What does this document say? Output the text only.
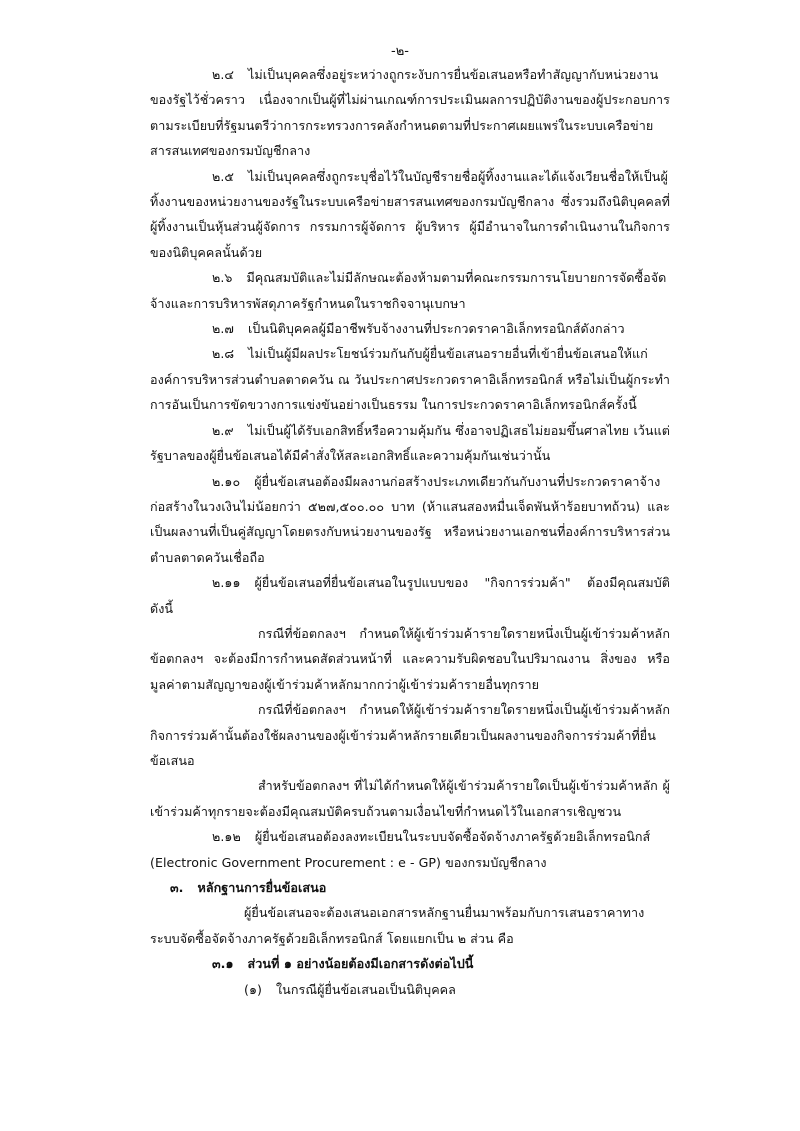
-๒-

๒.๔ ไม่เป็นบุคคลซึ่งอยู่ระหว่างถูกระงับการยื่นข้อเสนอหรือทำสัญญากับหน่วยงานของรัฐไว้ชั่วคราว เนื่องจากเป็นผู้ที่ไม่ผ่านเกณฑ์การประเมินผลการปฏิบัติงานของผู้ประกอบการตามระเบียบที่รัฐมนตรีว่าการกระทรวงการคลังกำหนดตามที่ประกาศเผยแพร่ในระบบเครือข่ายสารสนเทศของกรมบัญชีกลาง

๒.๕ ไม่เป็นบุคคลซึ่งถูกระบุชื่อไว้ในบัญชีรายชื่อผู้ทิ้งงานและได้แจ้งเวียนชื่อให้เป็นผู้ทิ้งงานของหน่วยงานของรัฐในระบบเครือข่ายสารสนเทศของกรมบัญชีกลาง ซึ่งรวมถึงนิติบุคคลที่ผู้ทิ้งงานเป็นหุ้นส่วนผู้จัดการ กรรมการผู้จัดการ ผู้บริหาร ผู้มีอำนาจในการดำเนินงานในกิจการของนิติบุคคลนั้นด้วย

๒.๖ มีคุณสมบัติและไม่มีลักษณะต้องห้ามตามที่คณะกรรมการนโยบายการจัดซื้อจัดจ้างและการบริหารพัสดุภาครัฐกำหนดในราชกิจจานุเบกษา

๒.๗ เป็นนิติบุคคลผู้มีอาชีพรับจ้างงานที่ประกวดราคาอิเล็กทรอนิกส์ดังกล่าว

๒.๘ ไม่เป็นผู้มีผลประโยชน์ร่วมกันกับผู้ยื่นข้อเสนอรายอื่นที่เข้ายื่นข้อเสนอให้แก่ องค์การบริหารส่วนตำบลตาดควัน ณ วันประกาศประกวดราคาอิเล็กทรอนิกส์ หรือไม่เป็นผู้กระทำการอันเป็นการขัดขวางการแข่งขันอย่างเป็นธรรม ในการประกวดราคาอิเล็กทรอนิกส์ครั้งนี้

๒.๙ ไม่เป็นผู้ได้รับเอกสิทธิ์หรือความคุ้มกัน ซึ่งอาจปฏิเสธไม่ยอมขึ้นศาลไทย เว้นแต่รัฐบาลของผู้ยื่นข้อเสนอได้มีคำสั่งให้สละเอกสิทธิ์และความคุ้มกันเช่นว่านั้น

๒.๑๐ ผู้ยื่นข้อเสนอต้องมีผลงานก่อสร้างประเภทเดียวกันกับงานที่ประกวดราคาจ้างก่อสร้างในวงเงินไม่น้อยกว่า ๕๒๗,๕๐๐.๐๐ บาท (ห้าแสนสองหมื่นเจ็ดพันห้าร้อยบาทถ้วน) และเป็นผลงานที่เป็นคู่สัญญาโดยตรงกับหน่วยงานของรัฐ หรือหน่วยงานเอกชนที่องค์การบริหารส่วนตำบลตาดควันเชื่อถือ

๒.๑๑ ผู้ยื่นข้อเสนอที่ยื่นข้อเสนอในรูปแบบของ "กิจการร่วมค้า" ต้องมีคุณสมบัติ ดังนี้

กรณีที่ข้อตกลงฯ กำหนดให้ผู้เข้าร่วมค้ารายใดรายหนึ่งเป็นผู้เข้าร่วมค้าหลัก ข้อตกลงฯ จะต้องมีการกำหนดสัดส่วนหน้าที่ และความรับผิดชอบในปริมาณงาน สิ่งของ หรือมูลค่าตามสัญญาของผู้เข้าร่วมค้าหลักมากกว่าผู้เข้าร่วมค้ารายอื่นทุกราย

กรณีที่ข้อตกลงฯ กำหนดให้ผู้เข้าร่วมค้ารายใดรายหนึ่งเป็นผู้เข้าร่วมค้าหลัก กิจการร่วมค้านั้นต้องใช้ผลงานของผู้เข้าร่วมค้าหลักรายเดียวเป็นผลงานของกิจการร่วมค้าที่ยื่นข้อเสนอ

สำหรับข้อตกลงฯ ที่ไม่ได้กำหนดให้ผู้เข้าร่วมค้ารายใดเป็นผู้เข้าร่วมค้าหลัก ผู้เข้าร่วมค้าทุกรายจะต้องมีคุณสมบัติครบถ้วนตามเงื่อนไขที่กำหนดไว้ในเอกสารเชิญชวน

๒.๑๒ ผู้ยื่นข้อเสนอต้องลงทะเบียนในระบบจัดซื้อจัดจ้างภาครัฐด้วยอิเล็กทรอนิกส์ (Electronic Government Procurement : e - GP) ของกรมบัญชีกลาง

๓. หลักฐานการยื่นข้อเสนอ

ผู้ยื่นข้อเสนอจะต้องเสนอเอกสารหลักฐานยื่นมาพร้อมกับการเสนอราคาทางระบบจัดซื้อจัดจ้างภาครัฐด้วยอิเล็กทรอนิกส์ โดยแยกเป็น ๒ ส่วน คือ

๓.๑ ส่วนที่ ๑ อย่างน้อยต้องมีเอกสารดังต่อไปนี้

(๑) ในกรณีผู้ยื่นข้อเสนอเป็นนิติบุคคล
